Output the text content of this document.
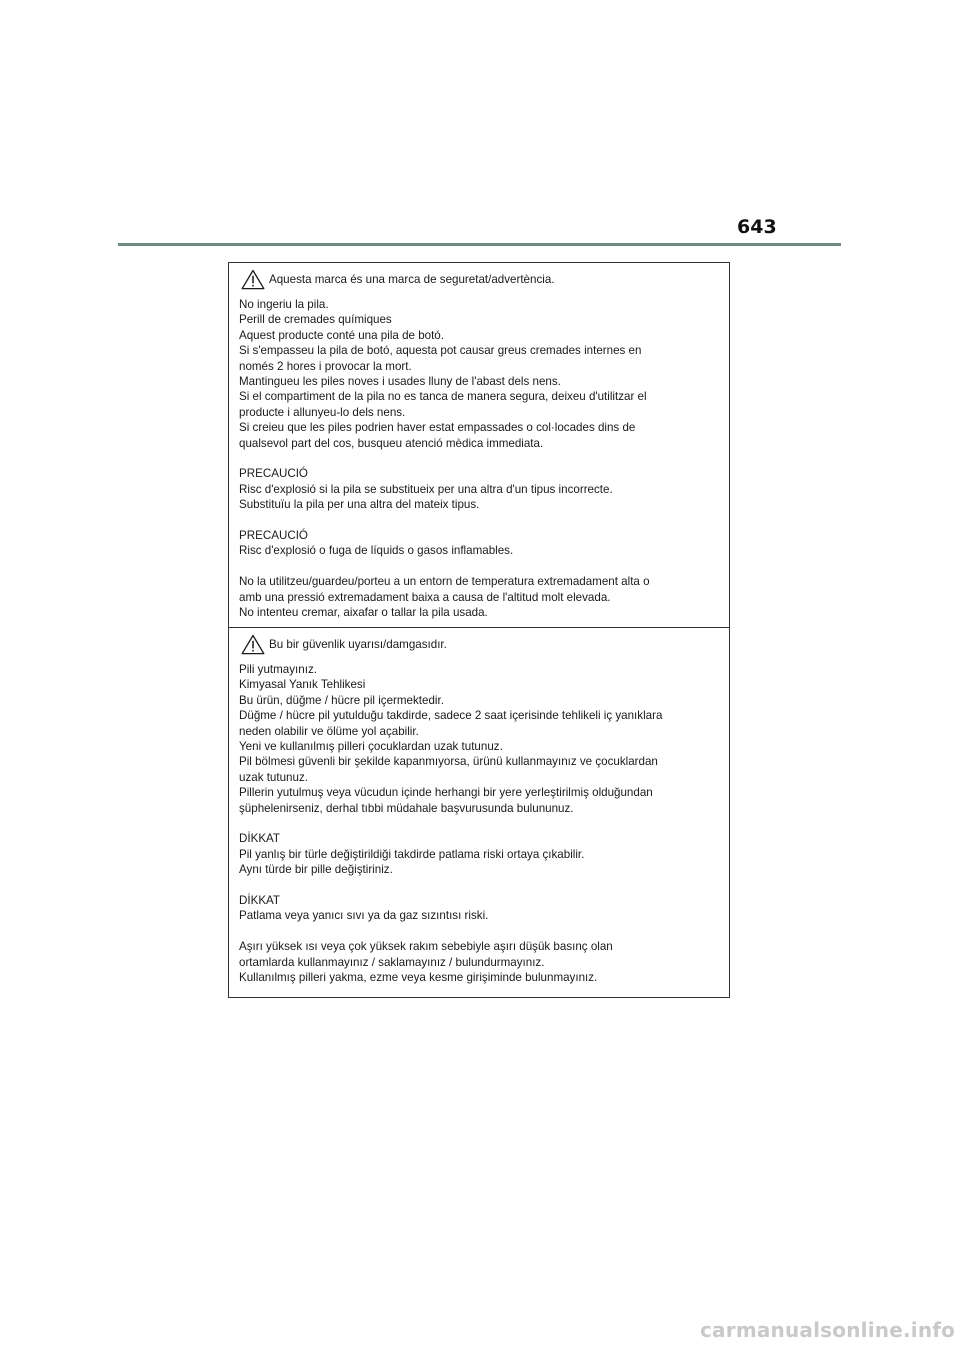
643
Aquesta marca és una marca de seguretat/advertència.
No ingeriu la pila.
Perill de cremades químiques
Aquest producte conté una pila de botó.
Si s'empasseu la pila de botó, aquesta pot causar greus cremades internes en
només 2 hores i provocar la mort.
Mantingueu les piles noves i usades lluny de l'abast dels nens.
Si el compartiment de la pila no es tanca de manera segura, deixeu d'utilitzar el
producte i allunyeu-lo dels nens.
Si creieu que les piles podrien haver estat empassades o col·locades dins de
qualsevol part del cos, busqueu atenció mèdica immediata.
PRECAUCIÓ
Risc d'explosió si la pila se substitueix per una altra d'un tipus incorrecte.
Substituïu la pila per una altra del mateix tipus.
PRECAUCIÓ
Risc d'explosió o fuga de líquids o gasos inflamables.
No la utilitzeu/guardeu/porteu a un entorn de temperatura extremadament alta o
amb una pressió extremadament baixa a causa de l'altitud molt elevada.
No intenteu cremar, aixafar o tallar la pila usada.
Bu bir güvenlik uyarısı/damgasıdır.
Pili yutmayınız.
Kimyasal Yanık Tehlikesi
Bu ürün, düğme / hücre pil içermektedir.
Düğme / hücre pil yutulduğu takdirde, sadece 2 saat içerisinde tehlikeli iç yanıklara
neden olabilir ve ölüme yol açabilir.
Yeni ve kullanılmış pilleri çocuklardan uzak tutunuz.
Pil bölmesi güvenli bir şekilde kapanmıyorsa, ürünü kullanmayınız ve çocuklardan
uzak tutunuz.
Pillerin yutulmuş veya vücudun içinde herhangi bir yere yerleştirilmiş olduğundan
şüphelenirseniz, derhal tıbbi müdahale başvurusunda bulununuz.
DİKKAT
Pil yanlış bir türle değiştirildiği takdirde patlama riski ortaya çıkabilir.
Aynı türde bir pille değiştiriniz.
DİKKAT
Patlama veya yanıcı sıvı ya da gaz sızıntısı riski.
Aşırı yüksek ısı veya çok yüksek rakım sebebiyle aşırı düşük basınç olan
ortamlarda kullanmayınız / saklamayınız / bulundurmayınız.
Kullanılmış pilleri yakma, ezme veya kesme girişiminde bulunmayınız.
carmanualsonline.info
